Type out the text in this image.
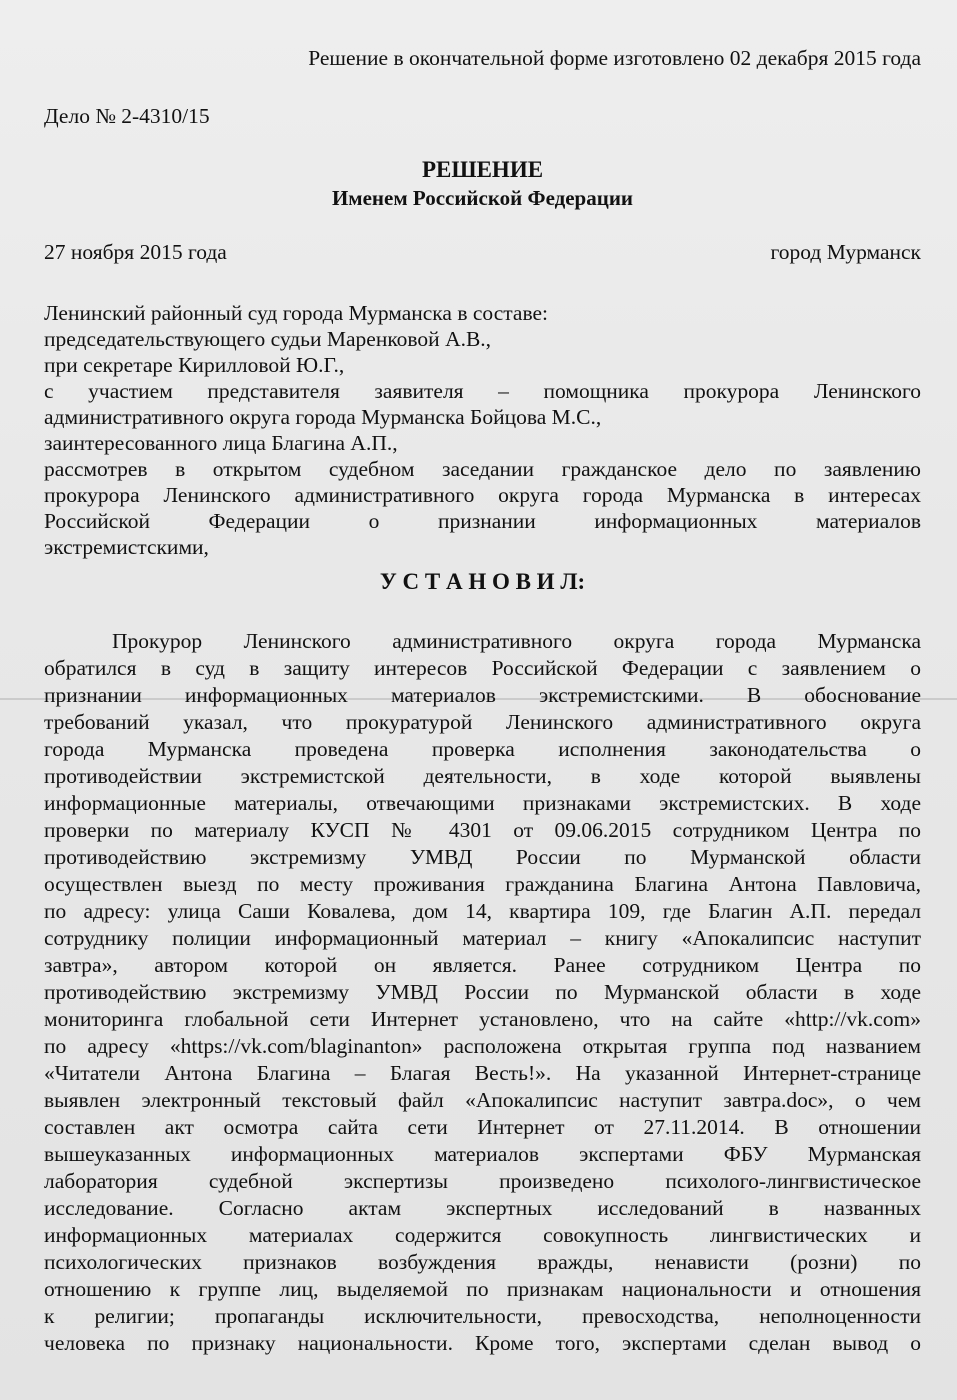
Решение в окончательной форме изготовлено 02 декабря 2015 года
Дело № 2-4310/15
РЕШЕНИЕ
Именем Российской Федерации
27 ноября 2015 года	город Мурманск
Ленинский районный суд города Мурманска в составе:
председательствующего судьи Маренковой А.В.,
при секретаре Кирилловой Ю.Г.,
с участием представителя заявителя – помощника прокурора Ленинского
административного округа города Мурманска Бойцова М.С.,
заинтересованного лица Благина А.П.,
рассмотрев в открытом судебном заседании гражданское дело по заявлению
прокурора Ленинского административного округа города Мурманска в интересах
Российской Федерации о признании информационных материалов
экстремистскими,
У С Т А Н О В И Л:
Прокурор Ленинского административного округа города Мурманска
обратился в суд в защиту интересов Российской Федерации с заявлением о
признании информационных материалов экстремистскими. В обоснование
требований указал, что прокуратурой Ленинского административного округа
города Мурманска проведена проверка исполнения законодательства о
противодействии экстремистской деятельности, в ходе которой выявлены
информационные материалы, отвечающими признаками экстремистских. В ходе
проверки по материалу КУСП № 4301 от 09.06.2015 сотрудником Центра по
противодействию экстремизму УМВД России по Мурманской области
осуществлен выезд по месту проживания гражданина Благина Антона Павловича,
по адресу: улица Саши Ковалева, дом 14, квартира 109, где Благин А.П. передал
сотруднику полиции информационный материал – книгу «Апокалипсис наступит
завтра», автором которой он является. Ранее сотрудником Центра по
противодействию экстремизму УМВД России по Мурманской области в ходе
мониторинга глобальной сети Интернет установлено, что на сайте «http://vk.com»
по адресу «https://vk.com/blaginanton» расположена открытая группа под названием
«Читатели Антона Благина – Благая Весть!». На указанной Интернет-странице
выявлен электронный текстовый файл «Апокалипсис наступит завтра.doc», о чем
составлен акт осмотра сайта сети Интернет от 27.11.2014. В отношении
вышеуказанных информационных материалов экспертами ФБУ Мурманская
лаборатория судебной экспертизы произведено психолого-лингвистическое
исследование. Согласно актам экспертных исследований в названных
информационных материалах содержится совокупность лингвистических и
психологических признаков возбуждения вражды, ненависти (розни) по
отношению к группе лиц, выделяемой по признакам национальности и отношения
к религии; пропаганды исключительности, превосходства, неполноценности
человека по признаку национальности. Кроме того, экспертами сделан вывод о
